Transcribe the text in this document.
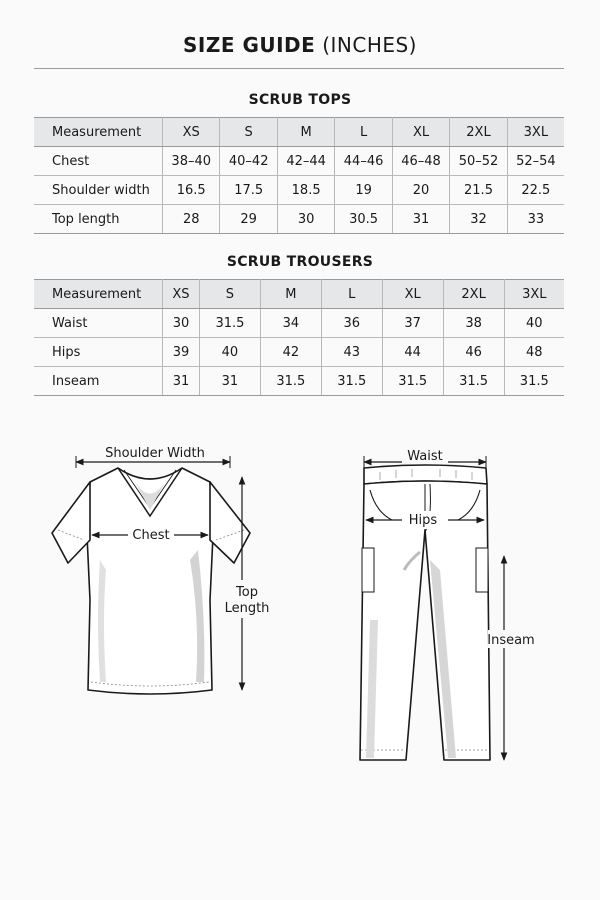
SIZE GUIDE (INCHES)
SCRUB TOPS
Measurement	XS	S	M	L	XL	2XL	3XL
Chest	38–40	40–42	42–44	44–46	46–48	50–52	52–54
Shoulder width	16.5	17.5	18.5	19	20	21.5	22.5
Top length	28	29	30	30.5	31	32	33
SCRUB TROUSERS
Measurement	XS	S	M	L	XL	2XL	3XL
Waist	30	31.5	34	36	37	38	40
Hips	39	40	42	43	44	46	48
Inseam	31	31	31.5	31.5	31.5	31.5	31.5
Shoulder Width
Chest
Top
Length
Waist
Hips
Inseam
